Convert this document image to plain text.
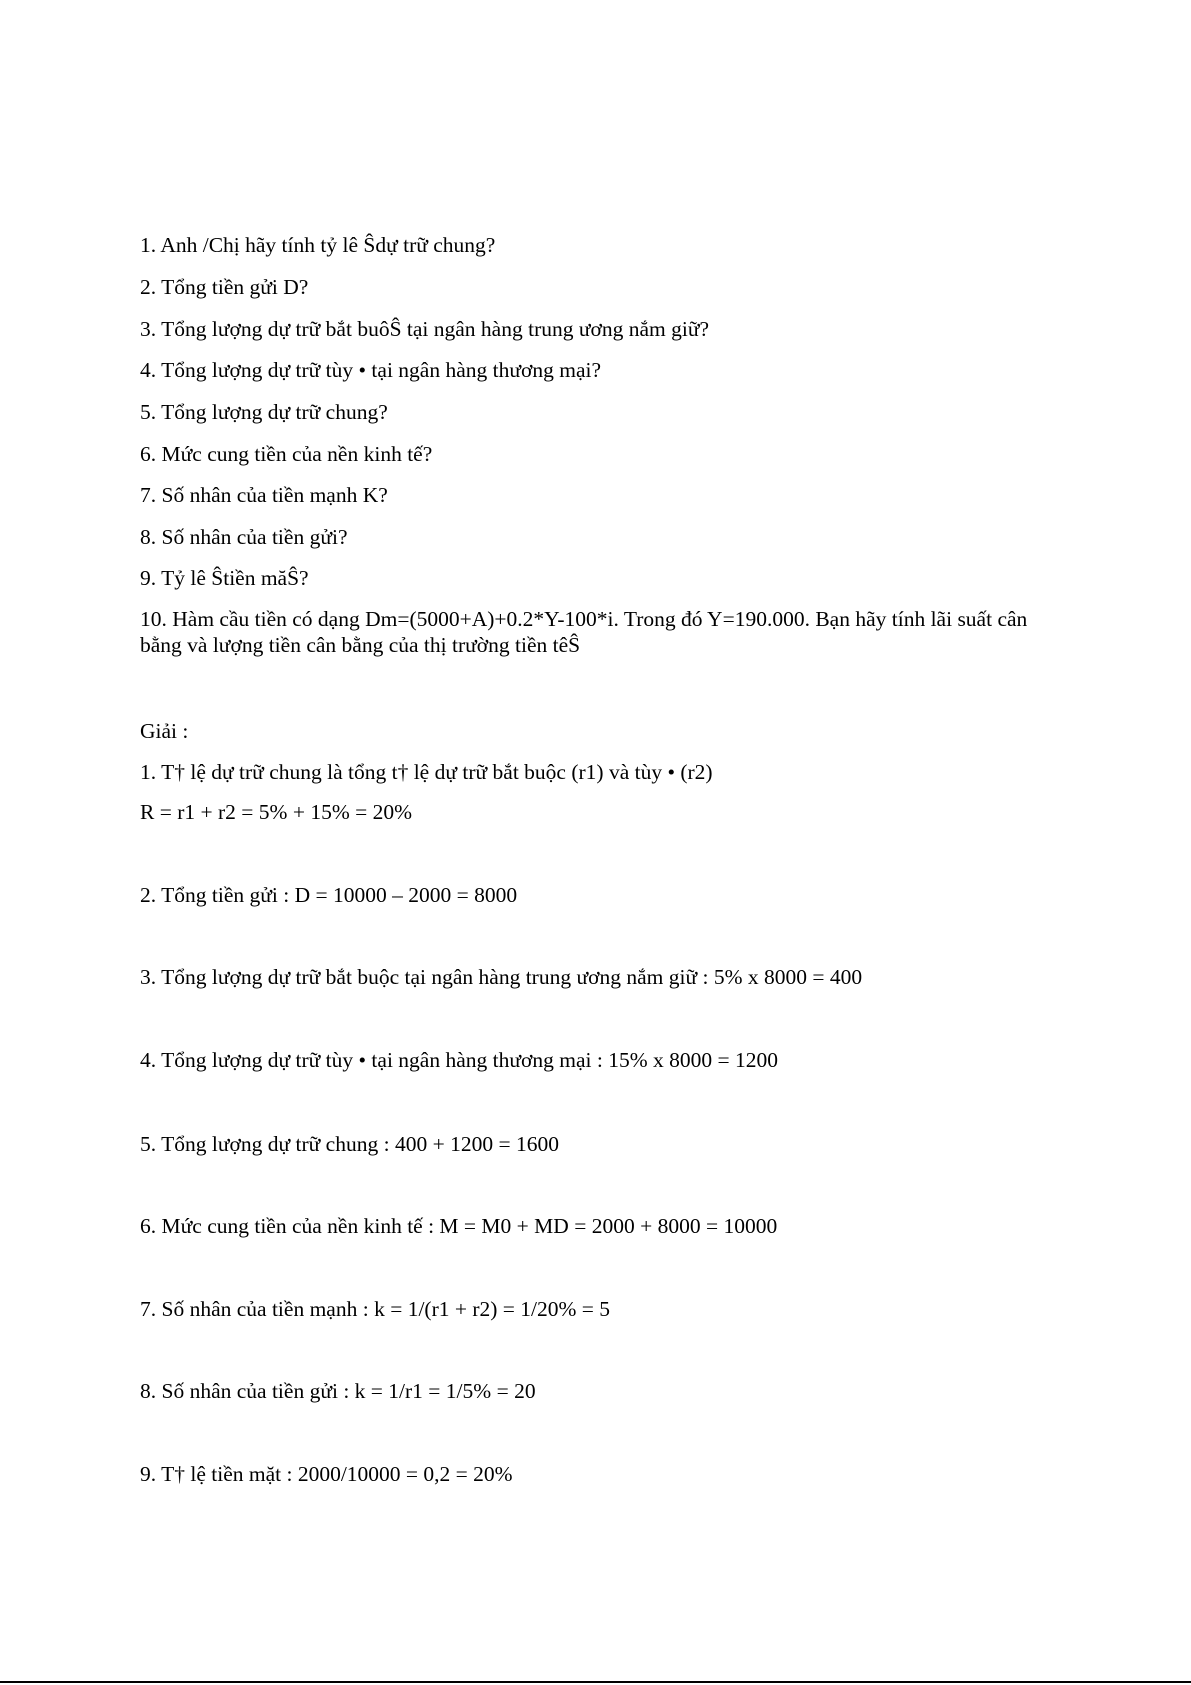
1. Anh /Chị hãy tính tỷ lê Ŝdự trữ chung?
2. Tổng tiền gửi D?
3. Tổng lượng dự trữ bắt buôŜ tại ngân hàng trung ương nắm giữ?
4. Tổng lượng dự trữ tùy • tại ngân hàng thương mại?
5. Tổng lượng dự trữ chung?
6. Mức cung tiền của nền kinh tế?
7. Số nhân của tiền mạnh K?
8. Số nhân của tiền gửi?
9. Tỷ lê Ŝtiền măŜ?
10. Hàm cầu tiền có dạng Dm=(5000+A)+0.2*Y-100*i. Trong đó Y=190.000. Bạn hãy tính lãi suất cân bằng và lượng tiền cân bằng của thị trường tiền têŜ
Giải :
1. T† lệ dự trữ chung là tổng t† lệ dự trữ bắt buộc (r1) và tùy • (r2)
R = r1 + r2 = 5% + 15% = 20%
2. Tổng tiền gửi : D = 10000 – 2000 = 8000
3. Tổng lượng dự trữ bắt buộc tại ngân hàng trung ương nắm giữ : 5% x 8000 = 400
4. Tổng lượng dự trữ tùy • tại ngân hàng thương mại : 15% x 8000 = 1200
5. Tổng lượng dự trữ chung : 400 + 1200 = 1600
6. Mức cung tiền của nền kinh tế : M = M0 + MD = 2000 + 8000 = 10000
7. Số nhân của tiền mạnh : k = 1/(r1 + r2) = 1/20% = 5
8. Số nhân của tiền gửi : k = 1/r1 = 1/5% = 20
9. T† lệ tiền mặt : 2000/10000 = 0,2 = 20%
